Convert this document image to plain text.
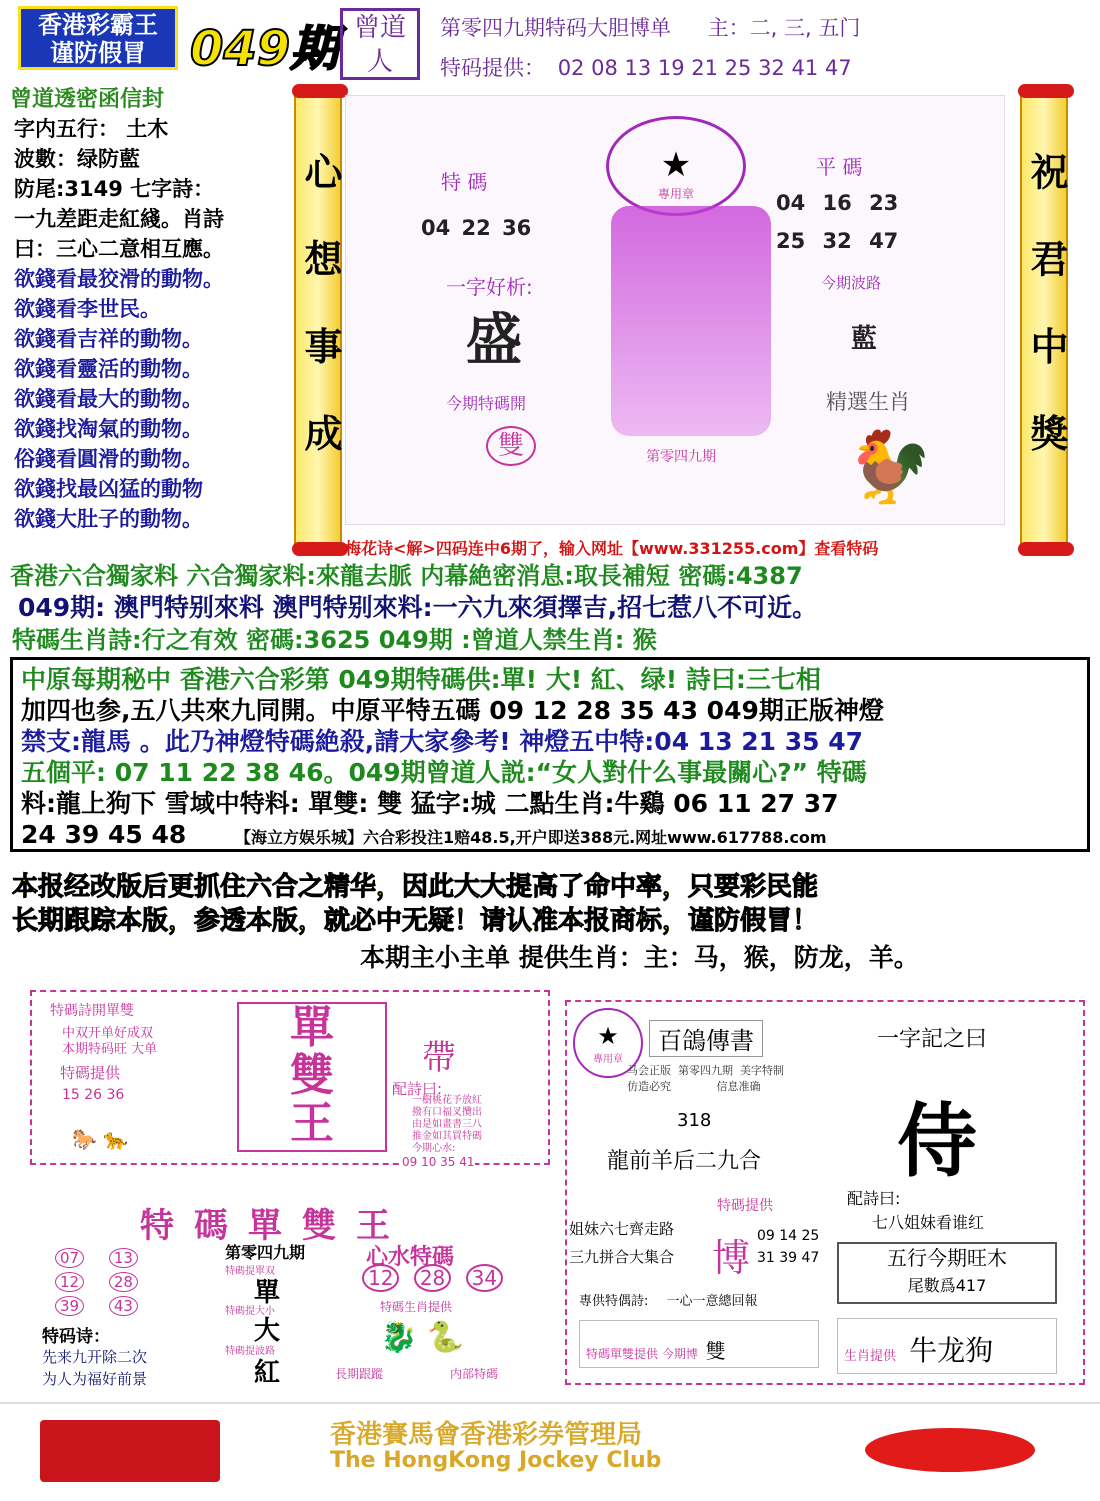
香港彩霸王
谨防假冒 049期 曾道人
第零四九期特码大胆博单 主：二, 三, 五门
特码提供： 02 08 13 19 21 25 32 41 47
曾道透密函信封
字内五行： 土木
波數：绿防藍
防尾:3149 七字詩：
一九差距走紅綫。肖詩
曰：三心二意相互應。
欲錢看最狡滑的動物。
欲錢看李世民。
欲錢看吉祥的動物。
欲錢看靈活的動物。
欲錢看最大的動物。
欲錢找淘氣的動物。
俗錢看圓滑的動物。
欲錢找最凶猛的動物
欲錢大肚子的動物。
心 想 事 成	祝 君 中 獎
特 碼
04 22 36
一字好析:
盛
今期特碼開
雙
★
專用章
第零四九期
平 碼
04 16 23
25 32 47
今期波路
藍
精選生肖
🐓
梅花诗<解>四码连中6期了，输入网址【www.331255.com】查看特码
香港六合獨家料 六合獨家料:來龍去脈 内幕絶密消息:取長補短 密碼:4387
049期: 澳門特别來料 澳門特别來料:一六九來須擇吉,招七惹八不可近。
特碼生肖詩:行之有效 密碼:3625 049期 :曾道人禁生肖: 猴
中原每期秘中 香港六合彩第 049期特碼供:單! 大! 紅、绿! 詩曰:三七相
加四也参,五八共來九同開。中原平特五碼 09 12 28 35 43 049期正版神燈
禁支:龍馬 。此乃神燈特碼絶殺,請大家參考! 神燈五中特:04 13 21 35 47
五個平: 07 11 22 38 46。049期曾道人説:“女人對什么事最關心?” 特碼
料:龍上狗下 雪域中特料: 單雙: 雙 猛字:城 二點生肖:牛鷄 06 11 27 37
24 39 45 48	【海立方娱乐城】六合彩投注1赔48.5,开户即送388元.网址www.617788.com
本报经改版后更抓住六合之精华，因此大大提高了命中率，只要彩民能
长期跟踪本版，参透本版，就必中无疑！请认准本报商标，谨防假冒！
本期主小主单 提供生肖：主：马，猴，防龙，羊。
特碼詩開單雙
中双开单好成双
本期特码旺 大单
特碼提供
15 26 36
🐎 🐆
單
雙
王
帶
配詩曰:
一樹桃花予放紅
撥有口福叉攬出
由是如畫書三八
推金如其買特碼
今期心水:
09 10 35 41
特碼單雙王
第零四九期	心水特碼
07 13
12 28
39 43
12 28 34
特碼提單双
單
特碼提大小
大
特碼提波路
紅
特碼生肖提供
🐉 🐍
長期跟蹤	内部特碼
特码诗：
先来九开除二次
为人为福好前景
★
專用章
百鴿傳書
马会正版  第零四九期  美字特制
仿造必究             信息准确
318
龍前羊后二九合
一字記之曰
侍
配詩曰:
七八姐妹看谁红
姐妹六七齊走路
三九拼合大集合
特碼提供
博 09 14 25
31 39 47	五行今期旺木
尾數爲417
專供特偶詩: 一心一意總回報
特碼單雙提供 今期博 雙	生肖提供 牛龙狗
香港賽馬會香港彩券管理局
The HongKong Jockey Club
